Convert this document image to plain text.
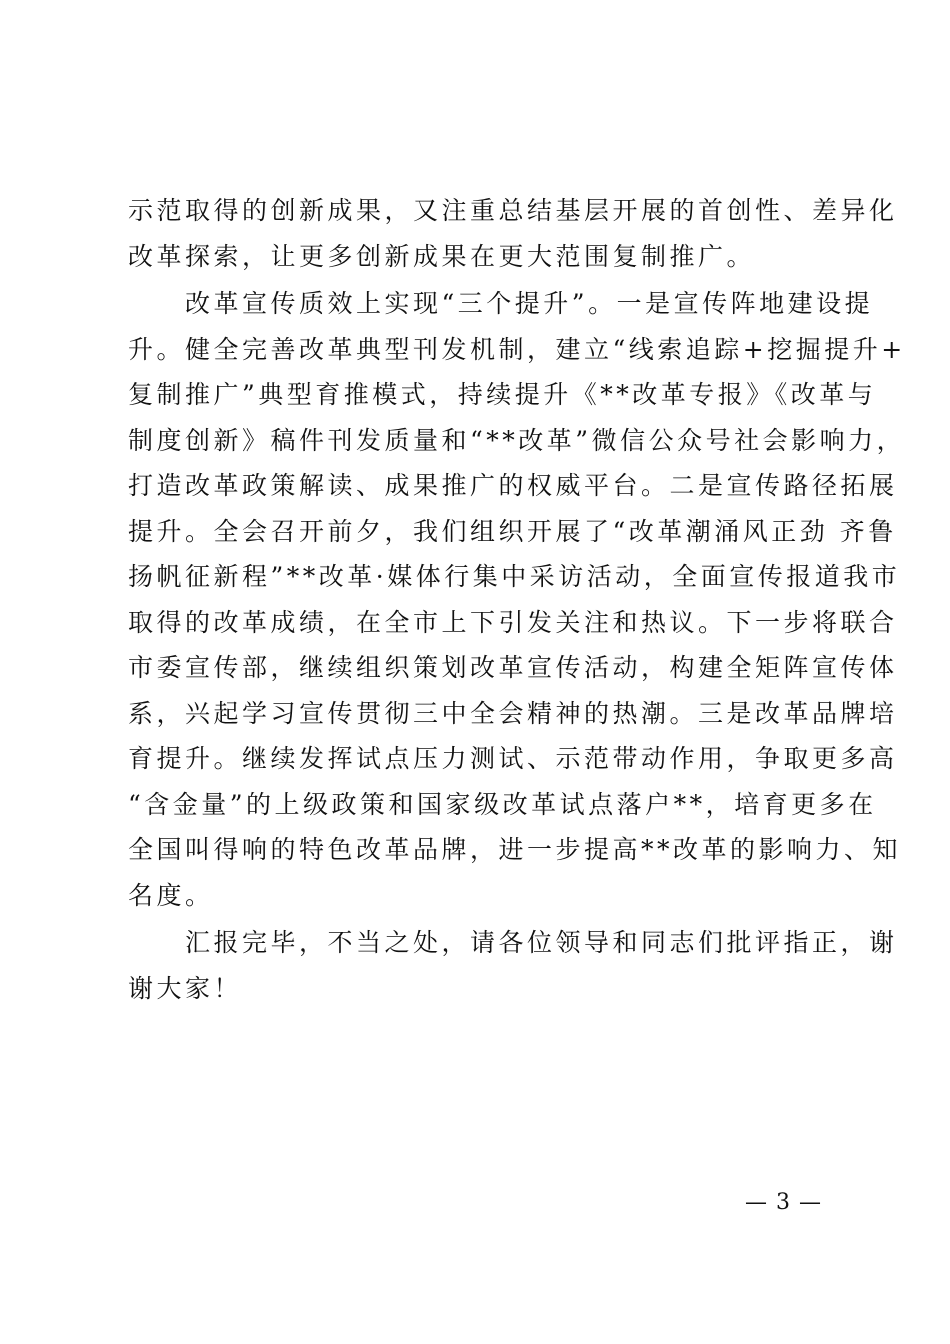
示范取得的创新成果，又注重总结基层开展的首创性、差异化
改革探索，让更多创新成果在更大范围复制推广。
　　改革宣传质效上实现“三个提升”。一是宣传阵地建设提
升。健全完善改革典型刊发机制，建立“线索追踪+挖掘提升+
复制推广”典型育推模式，持续提升《**改革专报》《改革与
制度创新》稿件刊发质量和“**改革”微信公众号社会影响力，
打造改革政策解读、成果推广的权威平台。二是宣传路径拓展
提升。全会召开前夕，我们组织开展了“改革潮涌风正劲 齐鲁
扬帆征新程”**改革·媒体行集中采访活动，全面宣传报道我市
取得的改革成绩，在全市上下引发关注和热议。下一步将联合
市委宣传部，继续组织策划改革宣传活动，构建全矩阵宣传体
系，兴起学习宣传贯彻三中全会精神的热潮。三是改革品牌培
育提升。继续发挥试点压力测试、示范带动作用，争取更多高
“含金量”的上级政策和国家级改革试点落户**，培育更多在
全国叫得响的特色改革品牌，进一步提高**改革的影响力、知
名度。
　　汇报完毕，不当之处，请各位领导和同志们批评指正，谢
谢大家！
— 3 —
